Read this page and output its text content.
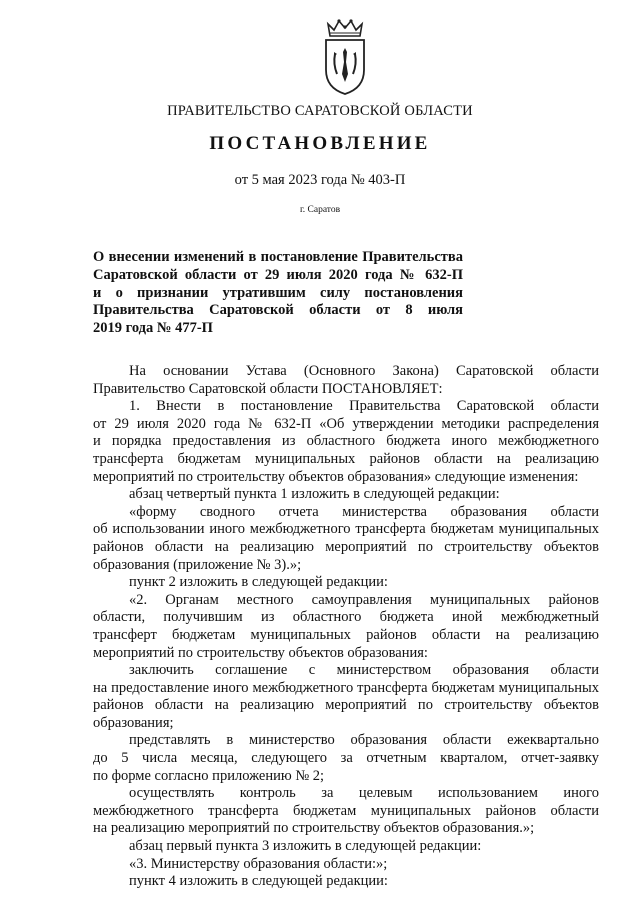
ПРАВИТЕЛЬСТВО САРАТОВСКОЙ ОБЛАСТИ
ПОСТАНОВЛЕНИЕ
от 5 мая 2023 года № 403-П
г. Саратов
О внесении изменений в постановление Правительства
Саратовской области от 29 июля 2020 года № 632-П
и о признании утратившим силу постановления
Правительства Саратовской области от 8 июля
2019 года № 477-П
На основании Устава (Основного Закона) Саратовской области
Правительство Саратовской области ПОСТАНОВЛЯЕТ:
1. Внести в постановление Правительства Саратовской области
от 29 июля 2020 года № 632-П «Об утверждении методики распределения
и порядка предоставления из областного бюджета иного межбюджетного
трансферта бюджетам муниципальных районов области на реализацию
мероприятий по строительству объектов образования» следующие изменения:
абзац четвертый пункта 1 изложить в следующей редакции:
«форму сводного отчета министерства образования области
об использовании иного межбюджетного трансферта бюджетам муниципальных
районов области на реализацию мероприятий по строительству объектов
образования (приложение № 3).»;
пункт 2 изложить в следующей редакции:
«2. Органам местного самоуправления муниципальных районов
области, получившим из областного бюджета иной межбюджетный
трансферт бюджетам муниципальных районов области на реализацию
мероприятий по строительству объектов образования:
заключить соглашение с министерством образования области
на предоставление иного межбюджетного трансферта бюджетам муниципальных
районов области на реализацию мероприятий по строительству объектов
образования;
представлять в министерство образования области ежеквартально
до 5 числа месяца, следующего за отчетным кварталом, отчет-заявку
по форме согласно приложению № 2;
осуществлять контроль за целевым использованием иного
межбюджетного трансферта бюджетам муниципальных районов области
на реализацию мероприятий по строительству объектов образования.»;
абзац первый пункта 3 изложить в следующей редакции:
«3. Министерству образования области:»;
пункт 4 изложить в следующей редакции:
